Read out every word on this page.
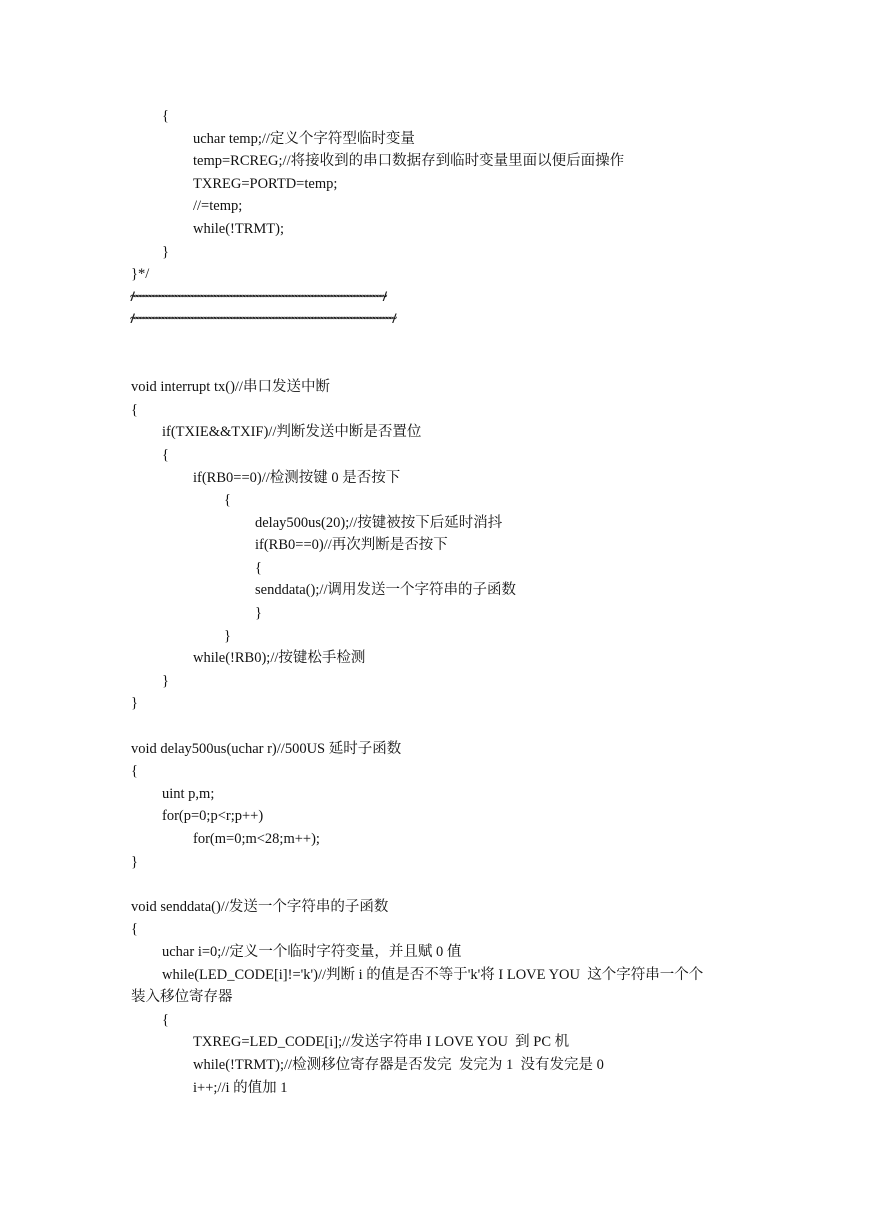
{
uchar temp;//定义个字符型临时变量
temp=RCREG;//将接收到的串口数据存到临时变量里面以便后面操作
TXREG=PORTD=temp;
//=temp;
while(!TRMT);
}
}*/
//~~~~~~~~~~~~~~~~~~~~~~~~~~~~~~~~~~~~~~~~~~~~~~~~~~~~~~~~~~~~~~~~~~~~~~~~~~~~~~·//
//~~~~~~~~~~~~~~~~~~~~~~~~~~~~~~~~~~~~~~~~~~~~~~~~~~~~~~~~~~~~~~~~~~~~~~~~~~~~~~~~~//
void interrupt tx()//串口发送中断
{
if(TXIE&&TXIF)//判断发送中断是否置位
{
if(RB0==0)//检测按键 0 是否按下
{
delay500us(20);//按键被按下后延时消抖
if(RB0==0)//再次判断是否按下
{
senddata();//调用发送一个字符串的子函数
}
}
while(!RB0);//按键松手检测
}
}
void delay500us(uchar r)//500US 延时子函数
{
uint p,m;
for(p=0;p<r;p++)
for(m=0;m<28;m++);
}
void senddata()//发送一个字符串的子函数
{
uchar i=0;//定义一个临时字符变量，并且赋 0 值
while(LED_CODE[i]!='k')//判断 i 的值是否不等于'k'将 I LOVE YOU  这个字符串一个个
装入移位寄存器
{
TXREG=LED_CODE[i];//发送字符串 I LOVE YOU  到 PC 机
while(!TRMT);//检测移位寄存器是否发完  发完为 1  没有发完是 0
i++;//i 的值加 1
